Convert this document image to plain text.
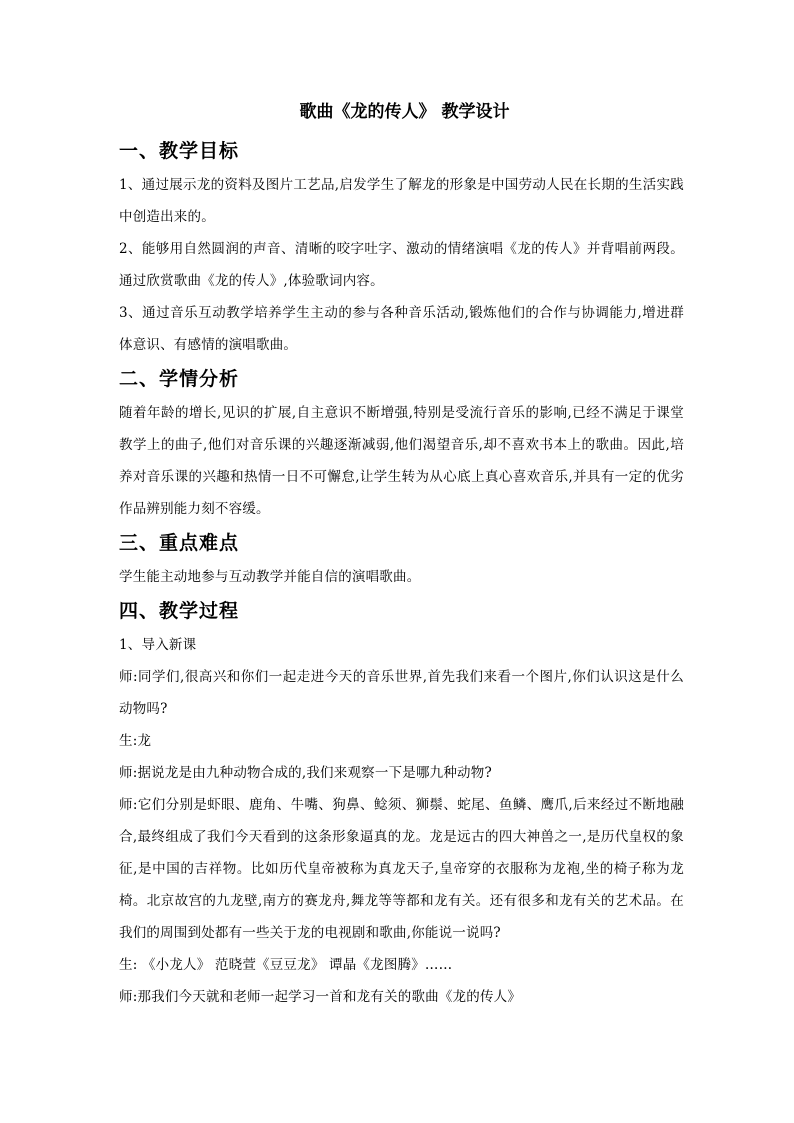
歌曲《龙的传人》 教学设计
一、教学目标

1、通过展示龙的资料及图片工艺品,启发学生了解龙的形象是中国劳动人民在长期的生活实践中创造出来的。

2、能够用自然圆润的声音、清晰的咬字吐字、激动的情绪演唱《龙的传人》并背唱前两段。通过欣赏歌曲《龙的传人》,体验歌词内容。

3、通过音乐互动教学培养学生主动的参与各种音乐活动,锻炼他们的合作与协调能力,增进群体意识、有感情的演唱歌曲。

二、学情分析

随着年龄的增长,见识的扩展,自主意识不断增强,特别是受流行音乐的影响,已经不满足于课堂教学上的曲子,他们对音乐课的兴趣逐渐减弱,他们渴望音乐,却不喜欢书本上的歌曲。因此,培养对音乐课的兴趣和热情一日不可懈怠,让学生转为从心底上真心喜欢音乐,并具有一定的优劣作品辨别能力刻不容缓。

三、重点难点

学生能主动地参与互动教学并能自信的演唱歌曲。

四、教学过程

1、导入新课

师:同学们,很高兴和你们一起走进今天的音乐世界,首先我们来看一个图片,你们认识这是什么动物吗?

生:龙

师:据说龙是由九种动物合成的,我们来观察一下是哪九种动物?

师:它们分别是虾眼、鹿角、牛嘴、狗鼻、鲶须、狮鬃、蛇尾、鱼鳞、鹰爪,后来经过不断地融合,最终组成了我们今天看到的这条形象逼真的龙。龙是远古的四大神兽之一,是历代皇权的象征,是中国的吉祥物。比如历代皇帝被称为真龙天子,皇帝穿的衣服称为龙袍,坐的椅子称为龙椅。北京故宫的九龙壁,南方的赛龙舟,舞龙等等都和龙有关。还有很多和龙有关的艺术品。在我们的周围到处都有一些关于龙的电视剧和歌曲,你能说一说吗?

生: 《小龙人》 范晓萱《豆豆龙》 谭晶《龙图腾》……

师:那我们今天就和老师一起学习一首和龙有关的歌曲《龙的传人》
